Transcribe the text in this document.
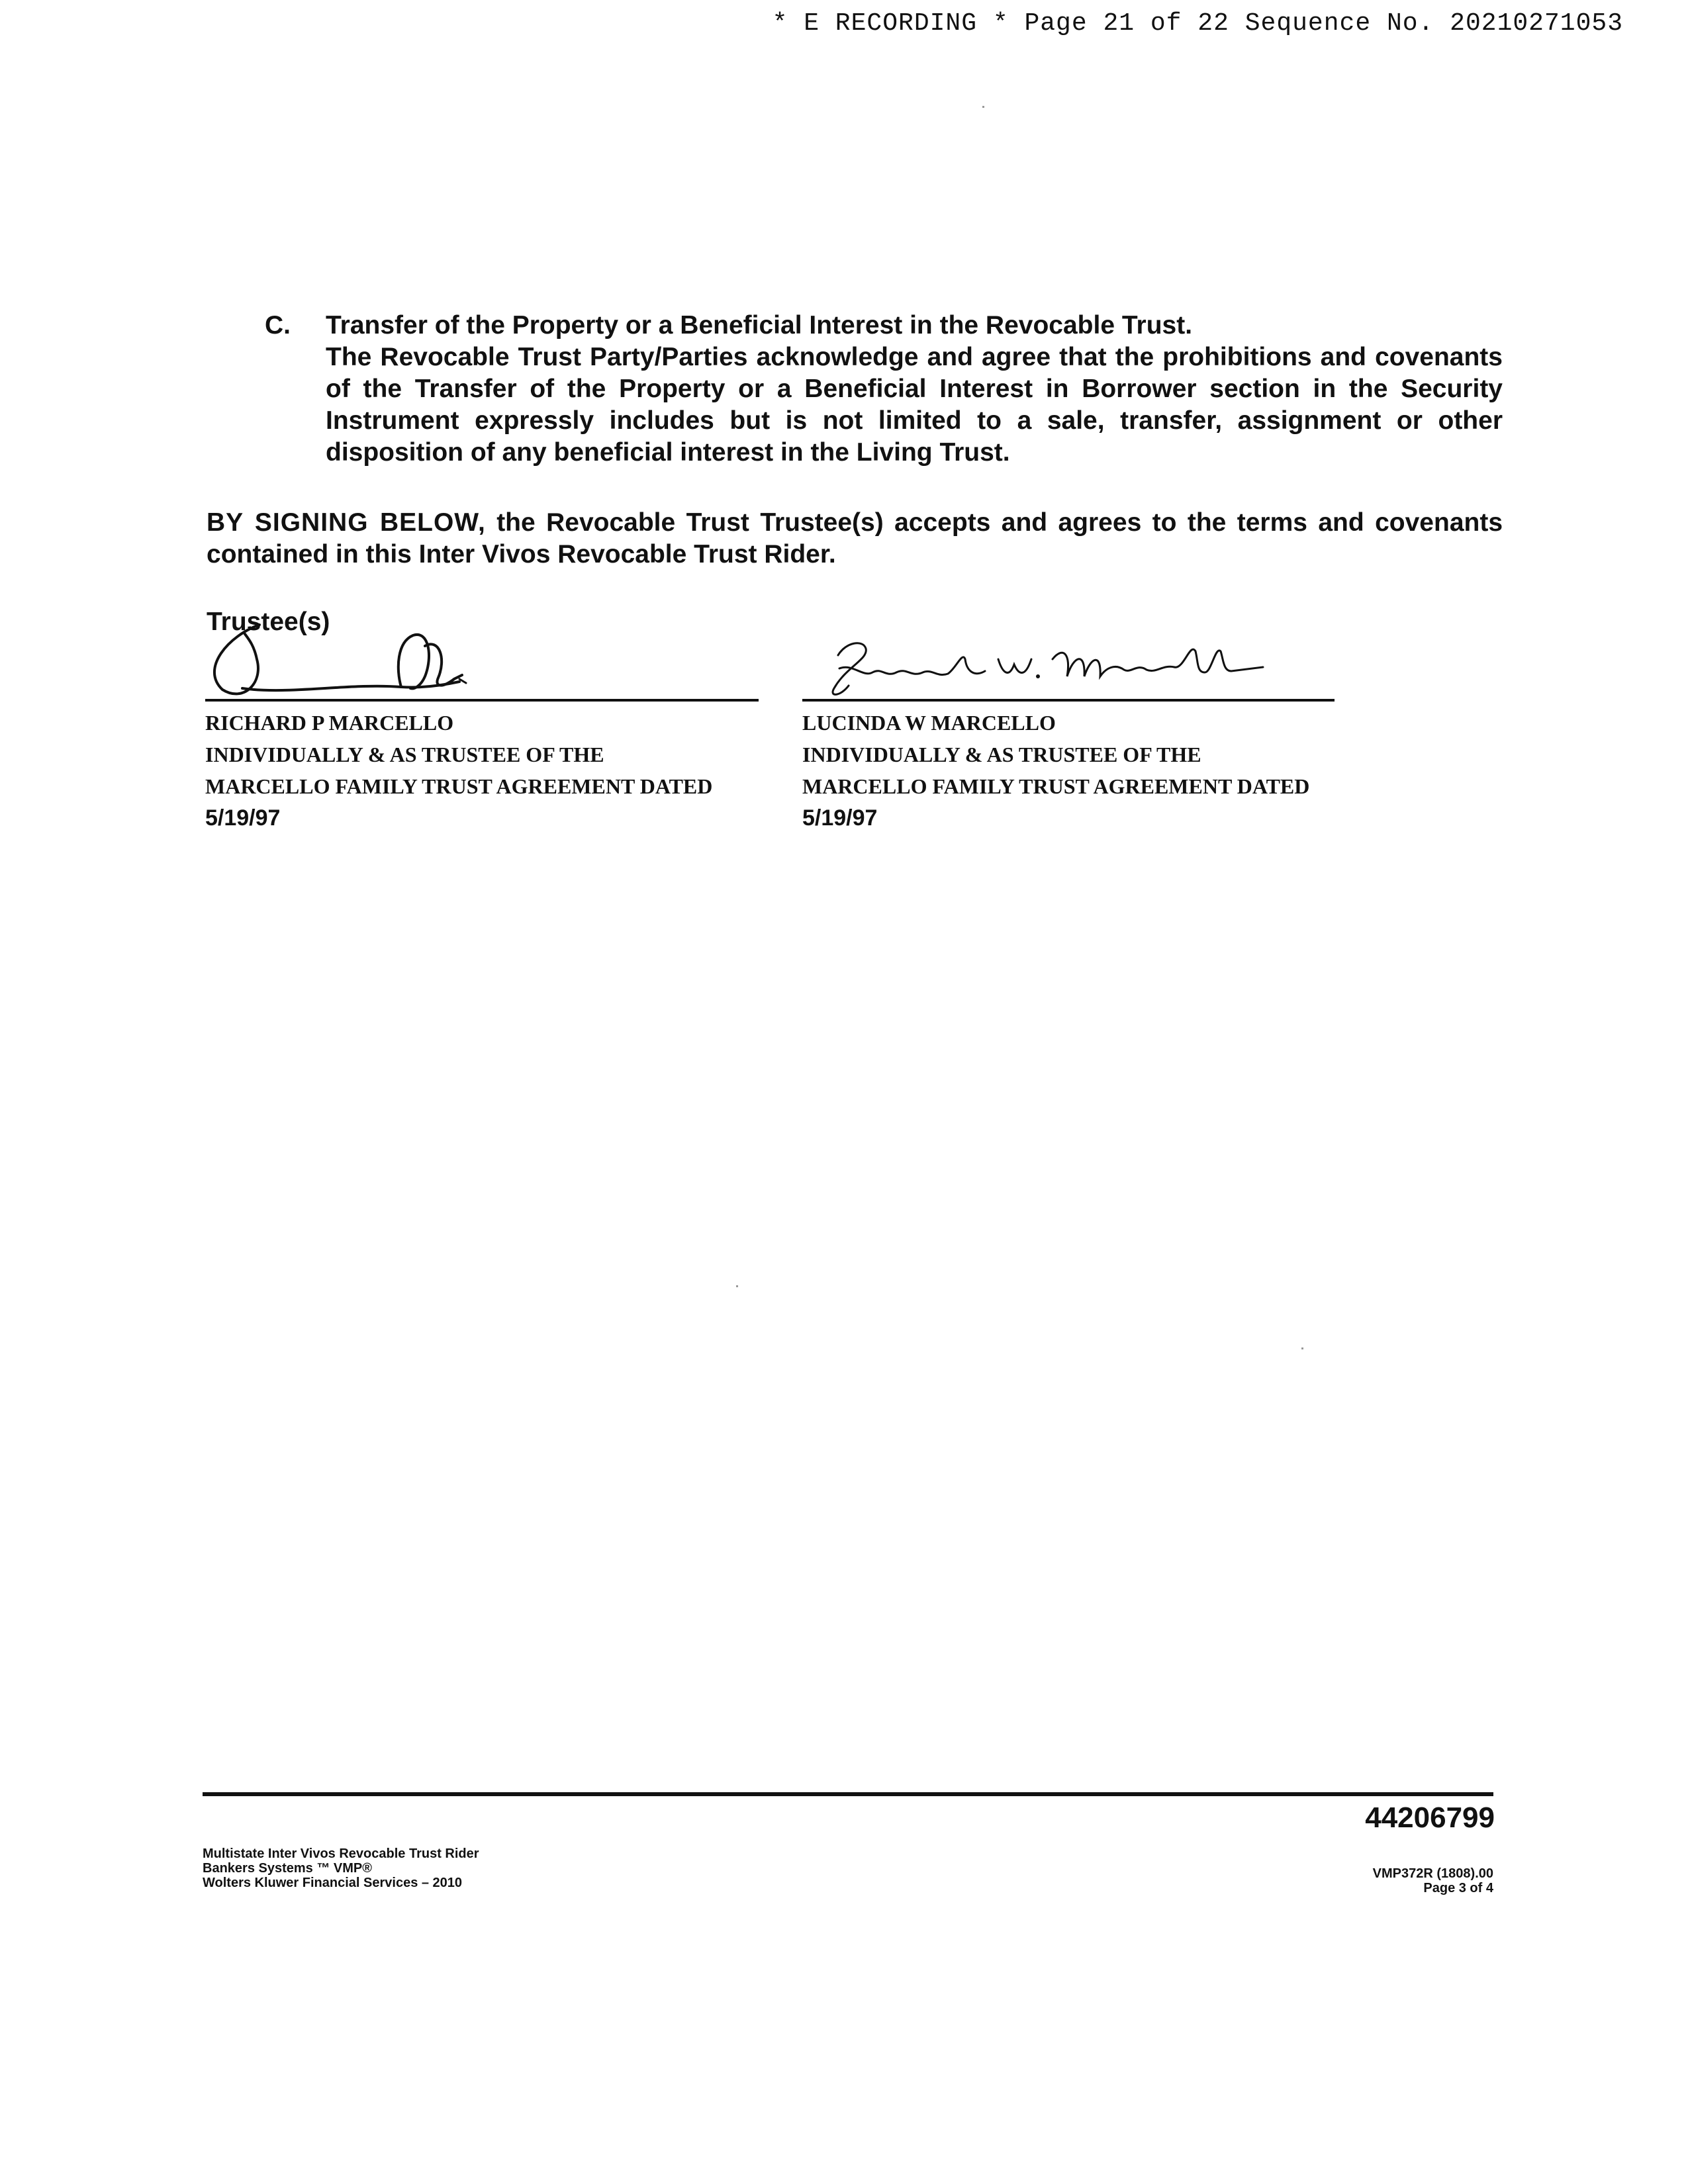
* E RECORDING * Page 21 of 22 Sequence No. 20210271053
C. Transfer of the Property or a Beneficial Interest in the Revocable Trust.
The Revocable Trust Party/Parties acknowledge and agree that the prohibitions and covenants of the Transfer of the Property or a Beneficial Interest in Borrower section in the Security Instrument expressly includes but is not limited to a sale, transfer, assignment or other disposition of any beneficial interest in the Living Trust.
BY SIGNING BELOW, the Revocable Trust Trustee(s) accepts and agrees to the terms and covenants contained in this Inter Vivos Revocable Trust Rider.
Trustee(s)
RICHARD P MARCELLO
INDIVIDUALLY & AS TRUSTEE OF THE
MARCELLO FAMILY TRUST AGREEMENT DATED
5/19/97
LUCINDA W MARCELLO
INDIVIDUALLY & AS TRUSTEE OF THE
MARCELLO FAMILY TRUST AGREEMENT DATED
5/19/97
44206799
Multistate Inter Vivos Revocable Trust Rider
Bankers Systems ™ VMP®
Wolters Kluwer Financial Services – 2010
VMP372R (1808).00
Page 3 of 4
